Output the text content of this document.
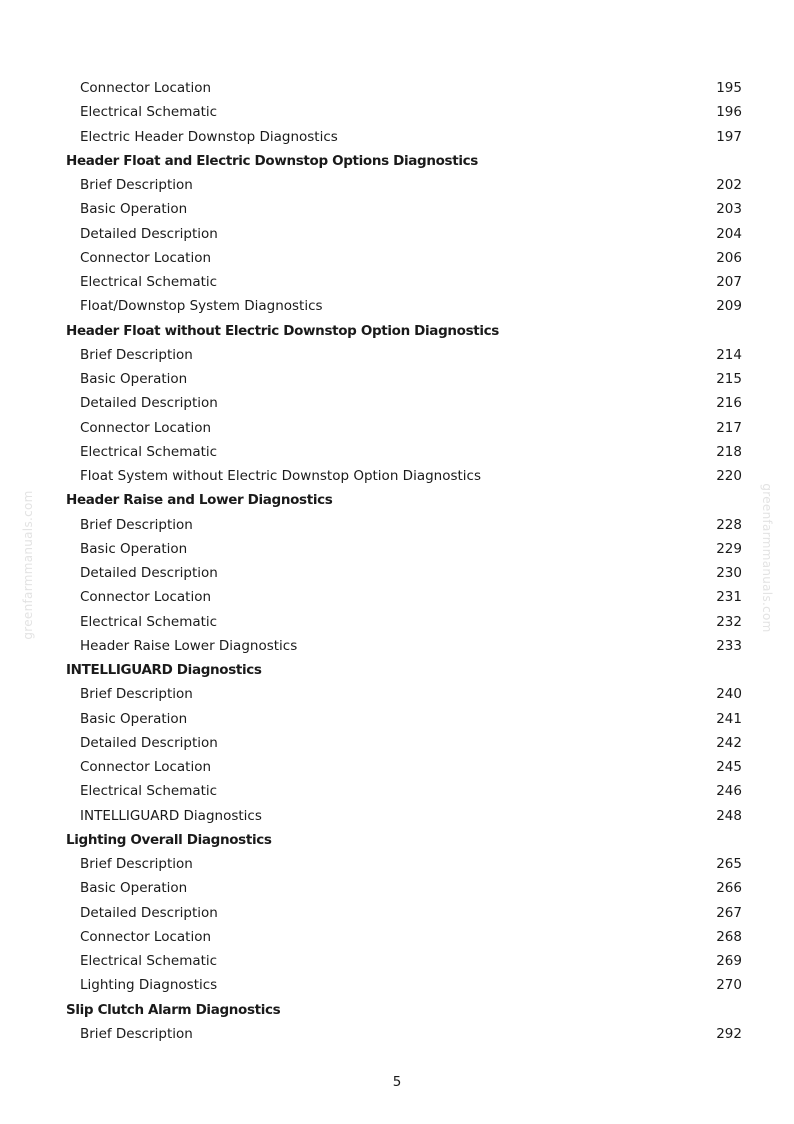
Connector Location	195
Electrical Schematic	196
Electric Header Downstop Diagnostics	197
Header Float and Electric Downstop Options Diagnostics
Brief Description	202
Basic Operation	203
Detailed Description	204
Connector Location	206
Electrical Schematic	207
Float/Downstop System Diagnostics	209
Header Float without Electric Downstop Option Diagnostics
Brief Description	214
Basic Operation	215
Detailed Description	216
Connector Location	217
Electrical Schematic	218
Float System without Electric Downstop Option Diagnostics	220
Header Raise and Lower Diagnostics
Brief Description	228
Basic Operation	229
Detailed Description	230
Connector Location	231
Electrical Schematic	232
Header Raise Lower Diagnostics	233
INTELLIGUARD Diagnostics
Brief Description	240
Basic Operation	241
Detailed Description	242
Connector Location	245
Electrical Schematic	246
INTELLIGUARD Diagnostics	248
Lighting Overall Diagnostics
Brief Description	265
Basic Operation	266
Detailed Description	267
Connector Location	268
Electrical Schematic	269
Lighting Diagnostics	270
Slip Clutch Alarm Diagnostics
Brief Description	292
greenfarmmanuals.com	greenfarmmanuals.com
5
